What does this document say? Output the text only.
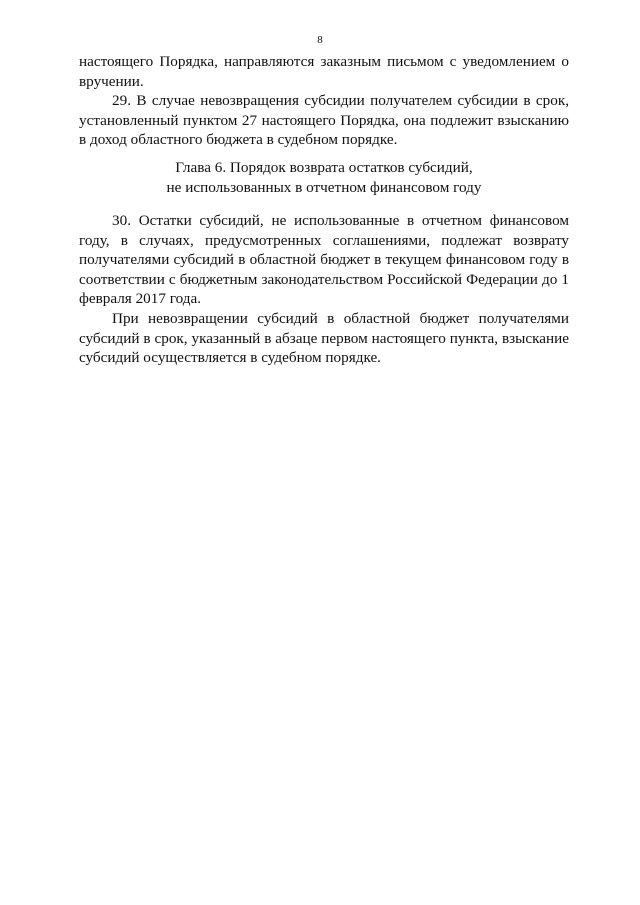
8

настоящего Порядка, направляются заказным письмом с уведомлением о вручении.

29. В случае невозвращения субсидии получателем субсидии в срок, установленный пунктом 27 настоящего Порядка, она подлежит взысканию в доход областного бюджета в судебном порядке.

Глава 6. Порядок возврата остатков субсидий,
не использованных в отчетном финансовом году

30. Остатки субсидий, не использованные в отчетном финансовом году, в случаях, предусмотренных соглашениями, подлежат возврату получателями субсидий в областной бюджет в текущем финансовом году в соответствии с бюджетным законодательством Российской Федерации до 1 февраля 2017 года.

При невозвращении субсидий в областной бюджет получателями субсидий в срок, указанный в абзаце первом настоящего пункта, взыскание субсидий осуществляется в судебном порядке.
